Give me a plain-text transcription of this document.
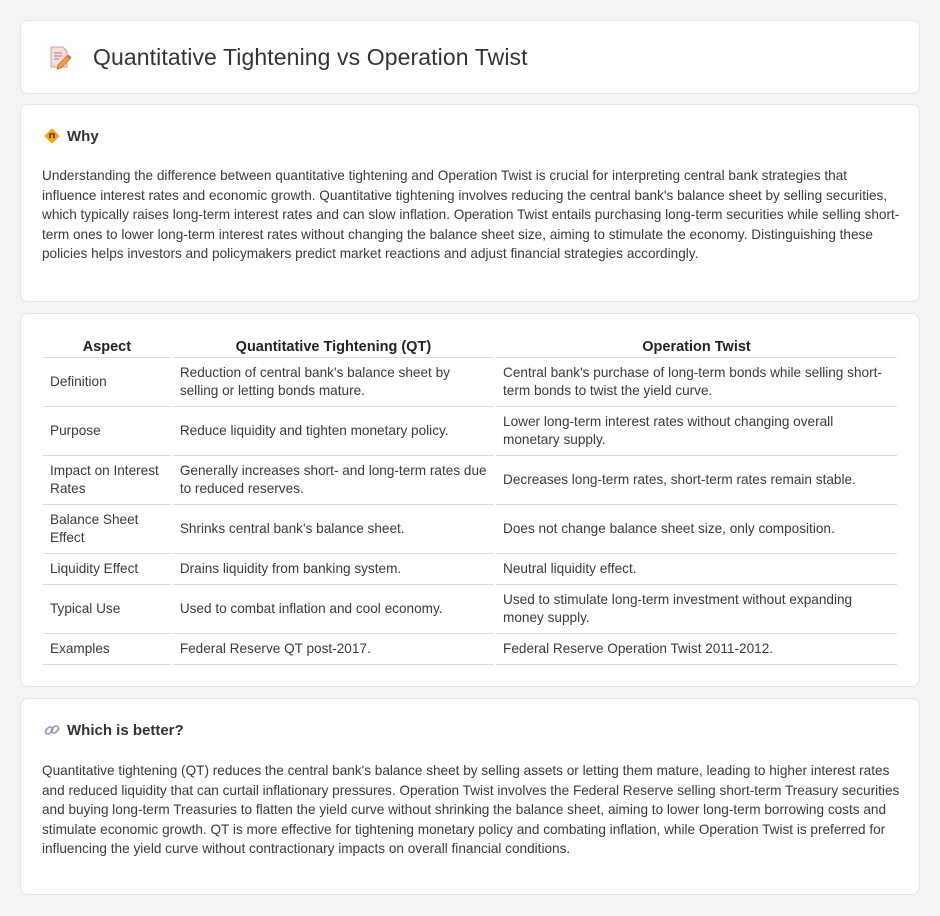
Quantitative Tightening vs Operation Twist
Why

Understanding the difference between quantitative tightening and Operation Twist is crucial for interpreting central bank strategies that influence interest rates and economic growth. Quantitative tightening involves reducing the central bank's balance sheet by selling securities, which typically raises long-term interest rates and can slow inflation. Operation Twist entails purchasing long-term securities while selling short-term ones to lower long-term interest rates without changing the balance sheet size, aiming to stimulate the economy. Distinguishing these policies helps investors and policymakers predict market reactions and adjust financial strategies accordingly.

Aspect	Quantitative Tightening (QT)	Operation Twist
Definition	Reduction of central bank's balance sheet by selling or letting bonds mature.	Central bank's purchase of long-term bonds while selling short-term bonds to twist the yield curve.
Purpose	Reduce liquidity and tighten monetary policy.	Lower long-term interest rates without changing overall monetary supply.
Impact on Interest Rates	Generally increases short- and long-term rates due to reduced reserves.	Decreases long-term rates, short-term rates remain stable.
Balance Sheet Effect	Shrinks central bank's balance sheet.	Does not change balance sheet size, only composition.
Liquidity Effect	Drains liquidity from banking system.	Neutral liquidity effect.
Typical Use	Used to combat inflation and cool economy.	Used to stimulate long-term investment without expanding money supply.
Examples	Federal Reserve QT post-2017.	Federal Reserve Operation Twist 2011-2012.
Which is better?

Quantitative tightening (QT) reduces the central bank's balance sheet by selling assets or letting them mature, leading to higher interest rates and reduced liquidity that can curtail inflationary pressures. Operation Twist involves the Federal Reserve selling short-term Treasury securities and buying long-term Treasuries to flatten the yield curve without shrinking the balance sheet, aiming to lower long-term borrowing costs and stimulate economic growth. QT is more effective for tightening monetary policy and combating inflation, while Operation Twist is preferred for influencing the yield curve without contractionary impacts on overall financial conditions.
